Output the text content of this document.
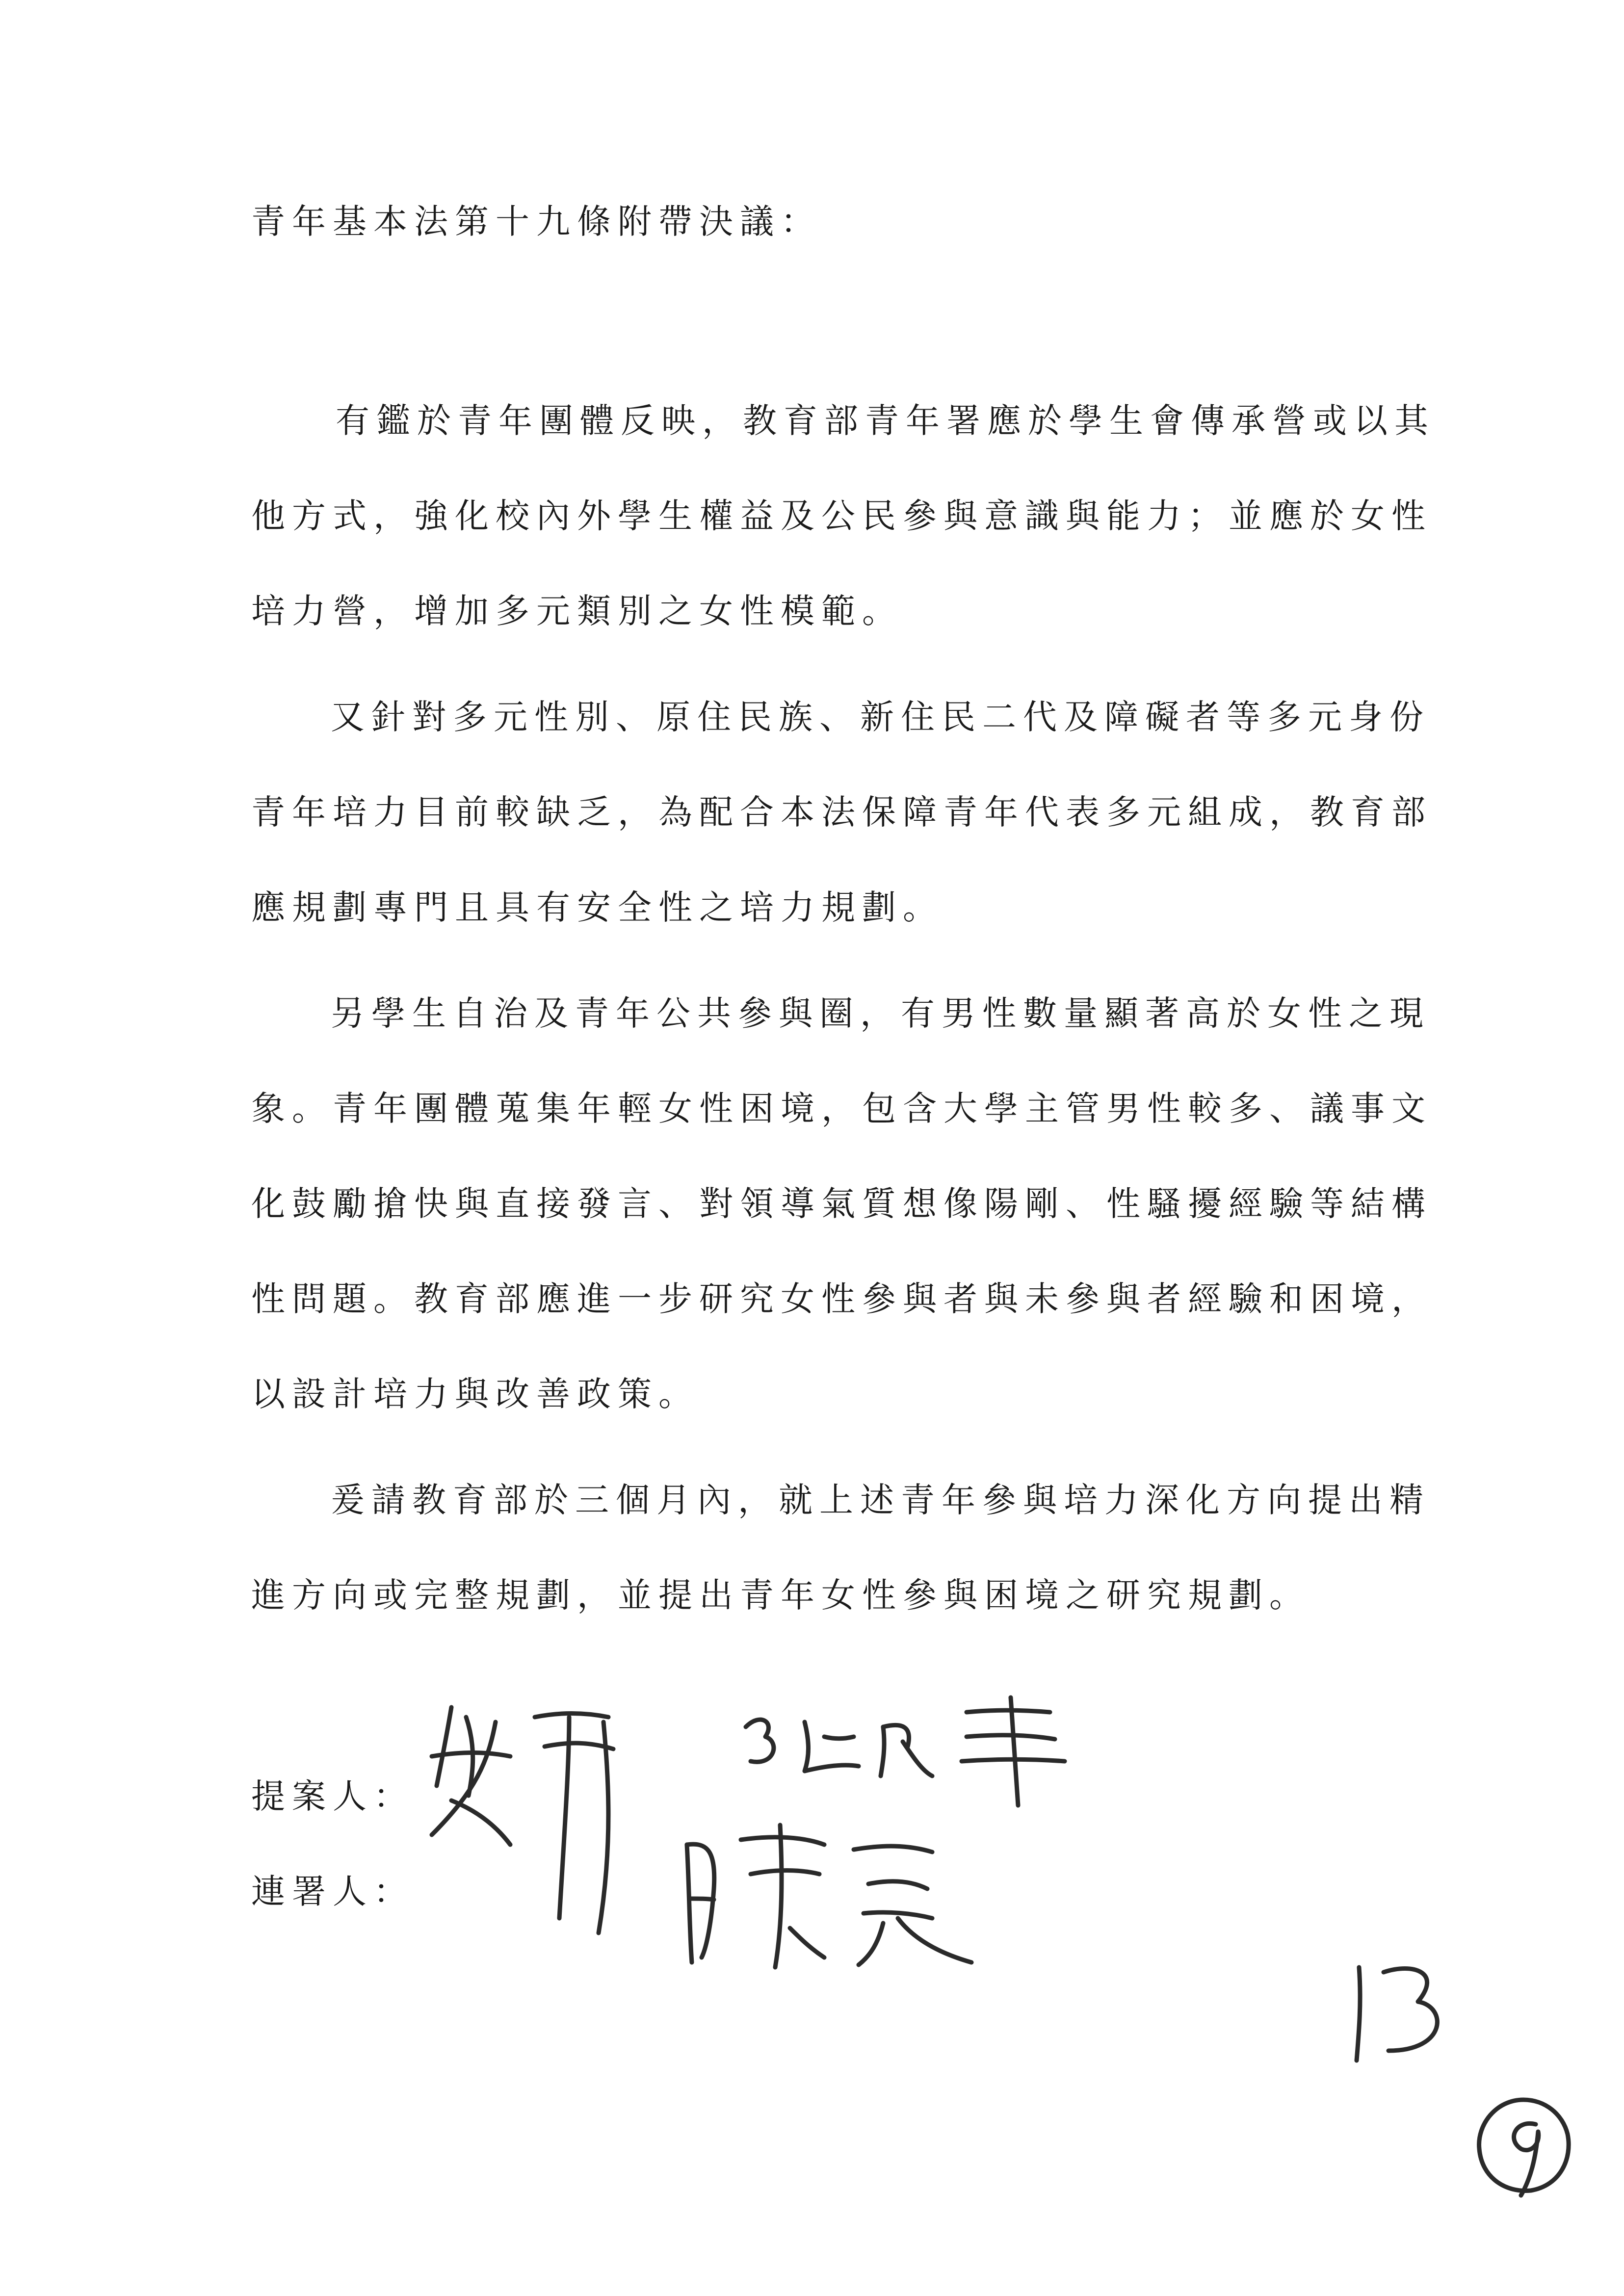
青年基本法第十九條附帶決議：

有鑑於青年團體反映，教育部青年署應於學生會傳承營或以其

他方式，強化校內外學生權益及公民參與意識與能力；並應於女性

培力營，增加多元類別之女性模範。

又針對多元性別、原住民族、新住民二代及障礙者等多元身份

青年培力目前較缺乏，為配合本法保障青年代表多元組成，教育部

應規劃專門且具有安全性之培力規劃。

另學生自治及青年公共參與圈，有男性數量顯著高於女性之現

象。青年團體蒐集年輕女性困境，包含大學主管男性較多、議事文

化鼓勵搶快與直接發言、對領導氣質想像陽剛、性騷擾經驗等結構

性問題。教育部應進一步研究女性參與者與未參與者經驗和困境，

以設計培力與改善政策。

爰請教育部於三個月內，就上述青年參與培力深化方向提出精

進方向或完整規劃，並提出青年女性參與困境之研究規劃。

提案人：

連署人：
